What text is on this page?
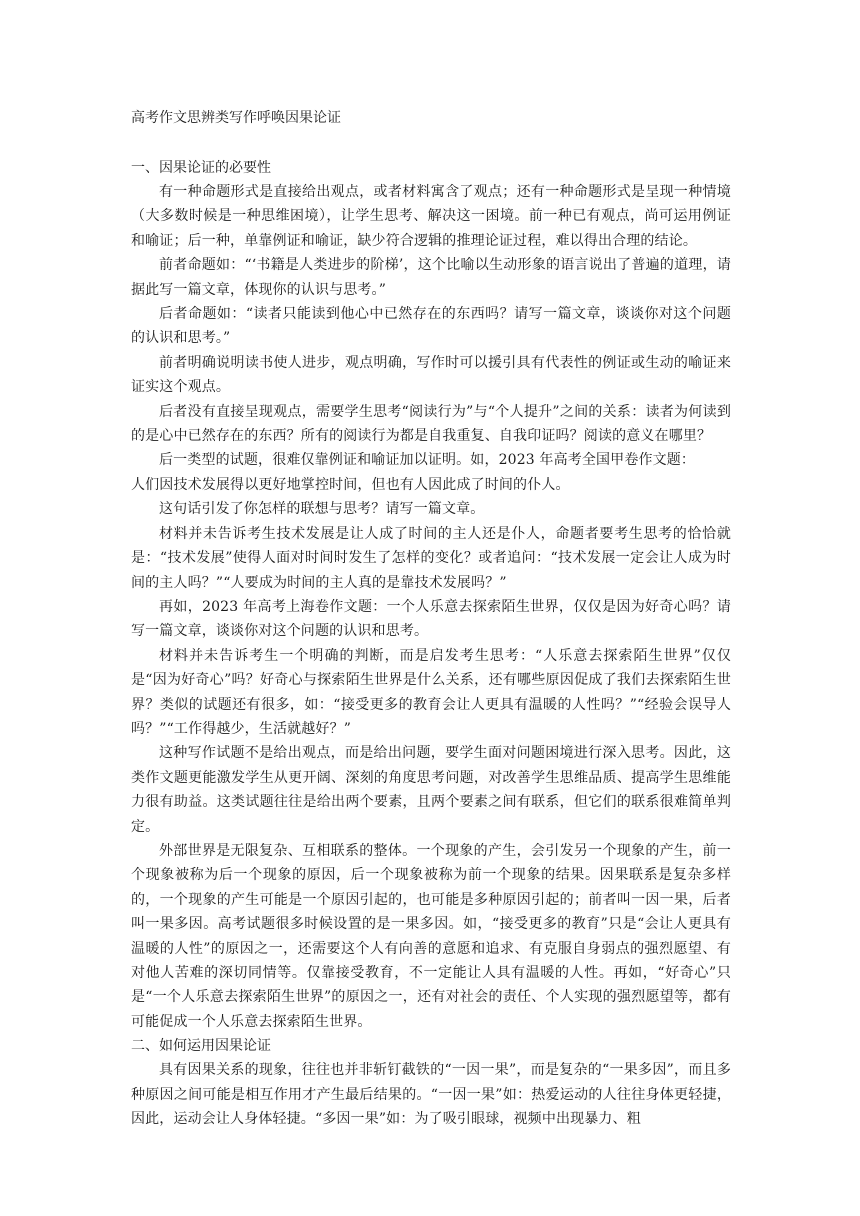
高考作文思辨类写作呼唤因果论证

一、因果论证的必要性

有一种命题形式是直接给出观点，或者材料寓含了观点；还有一种命题形式是呈现一种情境（大多数时候是一种思维困境），让学生思考、解决这一困境。前一种已有观点，尚可运用例证和喻证；后一种，单靠例证和喻证，缺少符合逻辑的推理论证过程，难以得出合理的结论。

前者命题如：“‘书籍是人类进步的阶梯’，这个比喻以生动形象的语言说出了普遍的道理，请据此写一篇文章，体现你的认识与思考。”

后者命题如：“读者只能读到他心中已然存在的东西吗？请写一篇文章，谈谈你对这个问题的认识和思考。”

前者明确说明读书使人进步，观点明确，写作时可以援引具有代表性的例证或生动的喻证来证实这个观点。

后者没有直接呈现观点，需要学生思考“阅读行为”与“个人提升”之间的关系：读者为何读到的是心中已然存在的东西？所有的阅读行为都是自我重复、自我印证吗？阅读的意义在哪里？

后一类型的试题，很难仅靠例证和喻证加以证明。如，2023 年高考全国甲卷作文题：

人们因技术发展得以更好地掌控时间，但也有人因此成了时间的仆人。

这句话引发了你怎样的联想与思考？请写一篇文章。

材料并未告诉考生技术发展是让人成了时间的主人还是仆人，命题者要考生思考的恰恰就是：“技术发展”使得人面对时间时发生了怎样的变化？或者追问：“技术发展一定会让人成为时间的主人吗？”“人要成为时间的主人真的是靠技术发展吗？”

再如，2023 年高考上海卷作文题：一个人乐意去探索陌生世界，仅仅是因为好奇心吗？请写一篇文章，谈谈你对这个问题的认识和思考。

材料并未告诉考生一个明确的判断，而是启发考生思考：“人乐意去探索陌生世界”仅仅是“因为好奇心”吗？好奇心与探索陌生世界是什么关系，还有哪些原因促成了我们去探索陌生世界？类似的试题还有很多，如：“接受更多的教育会让人更具有温暖的人性吗？”“经验会误导人吗？”“工作得越少，生活就越好？”

这种写作试题不是给出观点，而是给出问题，要学生面对问题困境进行深入思考。因此，这类作文题更能激发学生从更开阔、深刻的角度思考问题，对改善学生思维品质、提高学生思维能力很有助益。这类试题往往是给出两个要素，且两个要素之间有联系，但它们的联系很难简单判定。

外部世界是无限复杂、互相联系的整体。一个现象的产生，会引发另一个现象的产生，前一个现象被称为后一个现象的原因，后一个现象被称为前一个现象的结果。因果联系是复杂多样的，一个现象的产生可能是一个原因引起的，也可能是多种原因引起的；前者叫一因一果，后者叫一果多因。高考试题很多时候设置的是一果多因。如，“接受更多的教育”只是“会让人更具有温暖的人性”的原因之一，还需要这个人有向善的意愿和追求、有克服自身弱点的强烈愿望、有对他人苦难的深切同情等。仅靠接受教育，不一定能让人具有温暖的人性。再如，“好奇心”只是“一个人乐意去探索陌生世界”的原因之一，还有对社会的责任、个人实现的强烈愿望等，都有可能促成一个人乐意去探索陌生世界。

二、如何运用因果论证

具有因果关系的现象，往往也并非斩钉截铁的“一因一果”，而是复杂的“一果多因”，而且多种原因之间可能是相互作用才产生最后结果的。“一因一果”如：热爱运动的人往往身体更轻捷，因此，运动会让人身体轻捷。“多因一果”如：为了吸引眼球，视频中出现暴力、粗
